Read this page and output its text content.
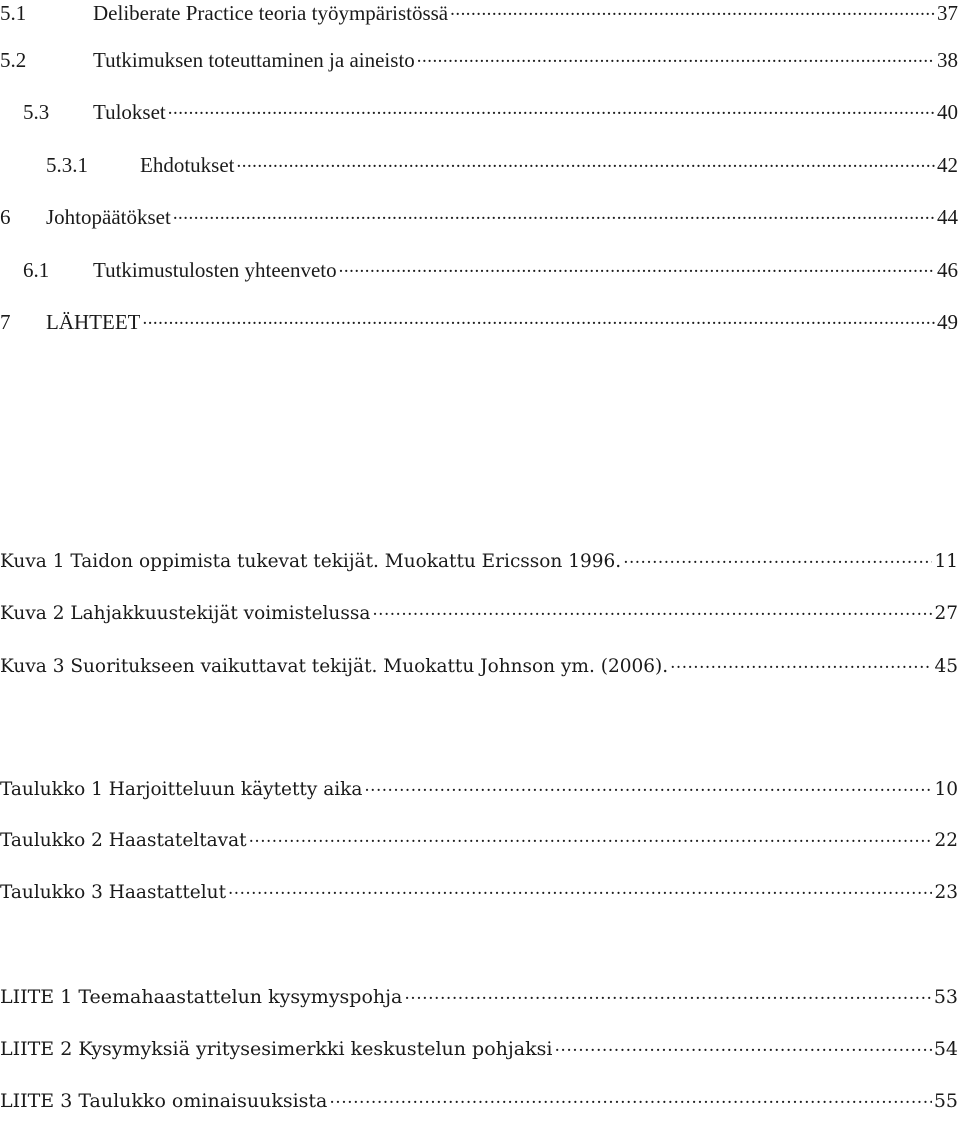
5.1	Deliberate Practice teoria työympäristössä .....	37
5.2	Tutkimuksen toteuttaminen ja aineisto .....	38
5.3	Tulokset .....	40
5.3.1	Ehdotukset .....	42
6	Johtopäätökset .....	44
6.1	Tutkimustulosten yhteenveto .....	46
7	LÄHTEET .....	49
Kuva 1 Taidon oppimista tukevat tekijät. Muokattu Ericsson 1996. .....	11
Kuva 2 Lahjakkuustekijät voimistelussa .....	27
Kuva 3 Suoritukseen vaikuttavat tekijät. Muokattu Johnson ym. (2006). .....	45
Taulukko 1 Harjoitteluun käytetty aika .....	10
Taulukko 2 Haastateltavat .....	22
Taulukko 3 Haastattelut .....	23
LIITE 1 Teemahaastattelun kysymyspohja .....	53
LIITE 2 Kysymyksiä yritysesimerkki keskustelun pohjaksi .....	54
LIITE 3 Taulukko ominaisuuksista .....	55
